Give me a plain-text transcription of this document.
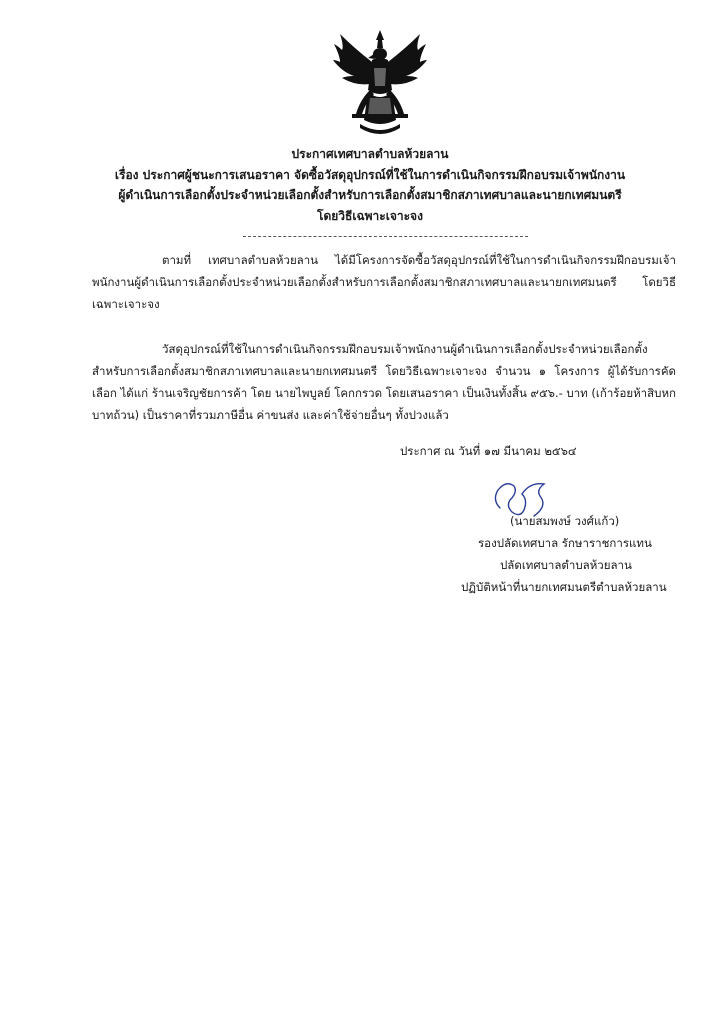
ประกาศเทศบาลตำบลห้วยลาน
เรื่อง ประกาศผู้ชนะการเสนอราคา จัดซื้อวัสดุอุปกรณ์ที่ใช้ในการดำเนินกิจกรรมฝึกอบรมเจ้าพนักงาน
ผู้ดำเนินการเลือกตั้งประจำหน่วยเลือกตั้งสำหรับการเลือกตั้งสมาชิกสภาเทศบาลและนายกเทศมนตรี
โดยวิธีเฉพาะเจาะจง
ตามที่ เทศบาลตำบลห้วยลาน ได้มีโครงการจัดซื้อวัสดุอุปกรณ์ที่ใช้ในการดำเนินกิจกรรมฝึกอบรมเจ้าพนักงานผู้ดำเนินการเลือกตั้งประจำหน่วยเลือกตั้งสำหรับการเลือกตั้งสมาชิกสภาเทศบาลและนายกเทศมนตรี โดยวิธีเฉพาะเจาะจง
วัสดุอุปกรณ์ที่ใช้ในการดำเนินกิจกรรมฝึกอบรมเจ้าพนักงานผู้ดำเนินการเลือกตั้งประจำหน่วยเลือกตั้งสำหรับการเลือกตั้งสมาชิกสภาเทศบาลและนายกเทศมนตรี โดยวิธีเฉพาะเจาะจง จำนวน ๑ โครงการ ผู้ได้รับการคัดเลือก ได้แก่ ร้านเจริญชัยการค้า โดย นายไพบูลย์ โคกกรวด โดยเสนอราคา เป็นเงินทั้งสิ้น ๙๕๖.- บาท (เก้าร้อยห้าสิบหกบาทถ้วน) เป็นราคาที่รวมภาษีอื่น ค่าขนส่ง และค่าใช้จ่ายอื่นๆ ทั้งปวงแล้ว
ประกาศ ณ วันที่ ๑๗ มีนาคม ๒๕๖๔
(นายสมพงษ์ วงศ์แก้ว)
รองปลัดเทศบาล รักษาราชการแทน
ปลัดเทศบาลตำบลห้วยลาน
ปฏิบัติหน้าที่นายกเทศมนตรีตำบลห้วยลาน
